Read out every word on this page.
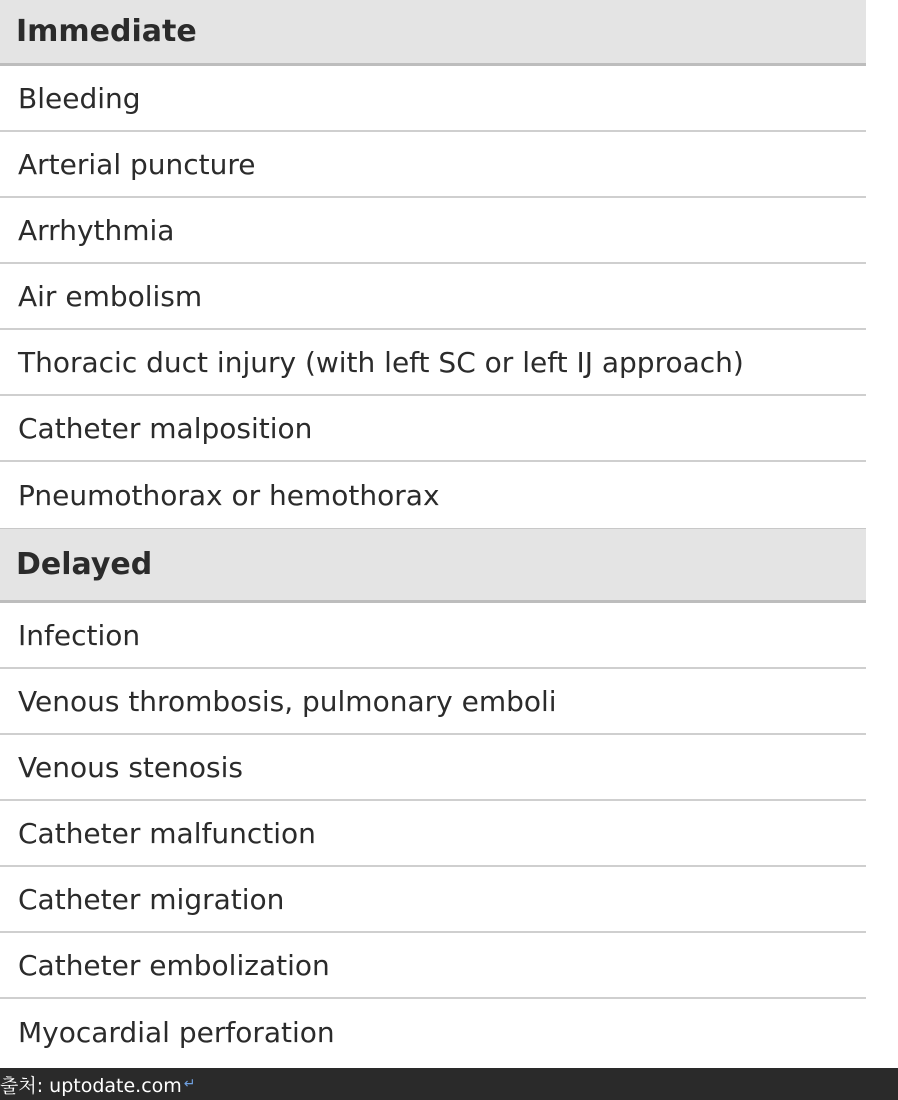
Immediate
Bleeding
Arterial puncture
Arrhythmia
Air embolism
Thoracic duct injury (with left SC or left IJ approach)
Catheter malposition
Pneumothorax or hemothorax
Delayed
Infection
Venous thrombosis, pulmonary emboli
Venous stenosis
Catheter malfunction
Catheter migration
Catheter embolization
Myocardial perforation
출처: uptodate.com ↵
